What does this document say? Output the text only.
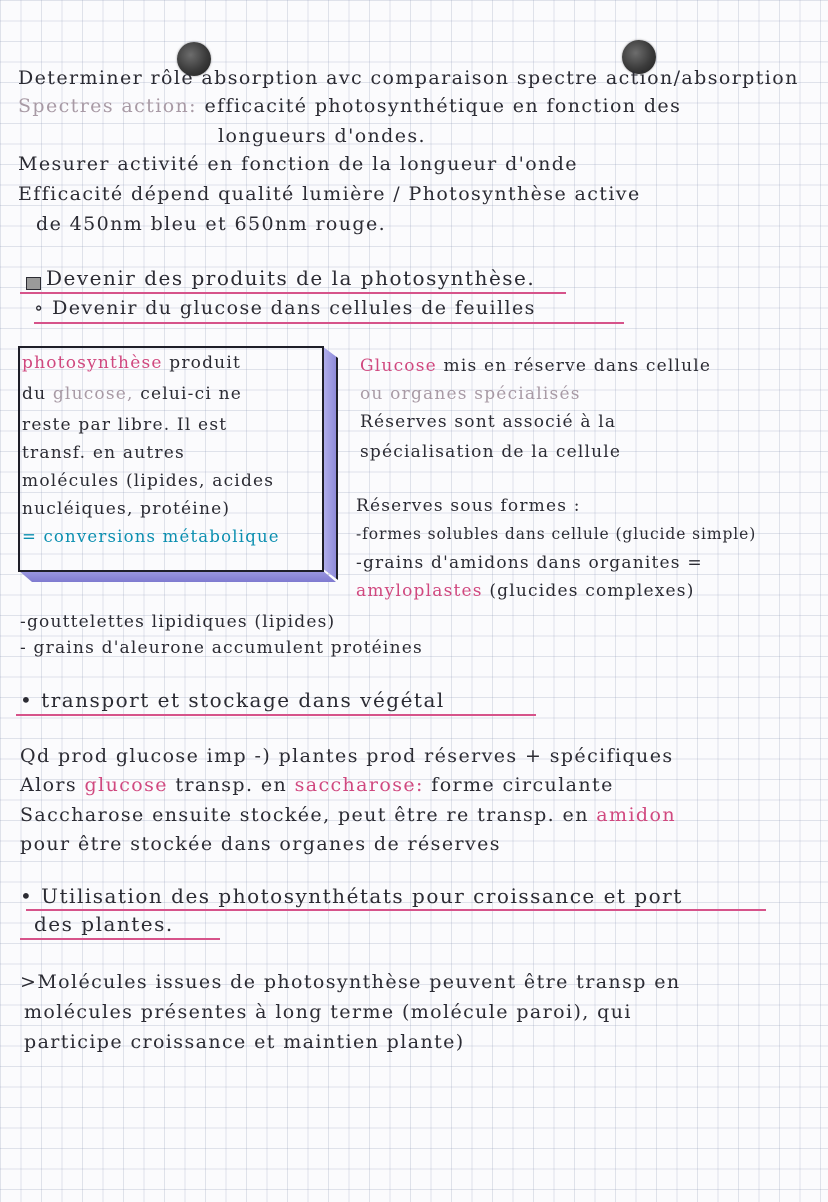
Determiner rôle absorption avc comparaison spectre action/absorption
Spectres action: efficacité photosynthétique en fonction des
longueurs d'ondes.
Mesurer activité en fonction de la longueur d'onde
Efficacité dépend qualité lumière / Photosynthèse active
de 450nm bleu et 650nm rouge.
Devenir des produits de la photosynthèse.
∘ Devenir du glucose dans cellules de feuilles
photosynthèse produit
du glucose, celui-ci ne
reste par libre. Il est
transf. en autres
molécules (lipides, acides
nucléiques, protéine)
= conversions métabolique
Glucose mis en réserve dans cellule
ou organes spécialisés
Réserves sont associé à la
spécialisation de la cellule
Réserves sous formes :
-formes solubles dans cellule (glucide simple)
-grains d'amidons dans organites =
amyloplastes (glucides complexes)
-gouttelettes lipidiques (lipides)
- grains d'aleurone accumulent protéines
• transport et stockage dans végétal
Qd prod glucose imp -) plantes prod réserves + spécifiques
Alors glucose transp. en saccharose: forme circulante
Saccharose ensuite stockée, peut être re transp. en amidon
pour être stockée dans organes de réserves
• Utilisation des photosynthétats pour croissance et port
des plantes.
>Molécules issues de photosynthèse peuvent être transp en
molécules présentes à long terme (molécule paroi), qui
participe croissance et maintien plante)
